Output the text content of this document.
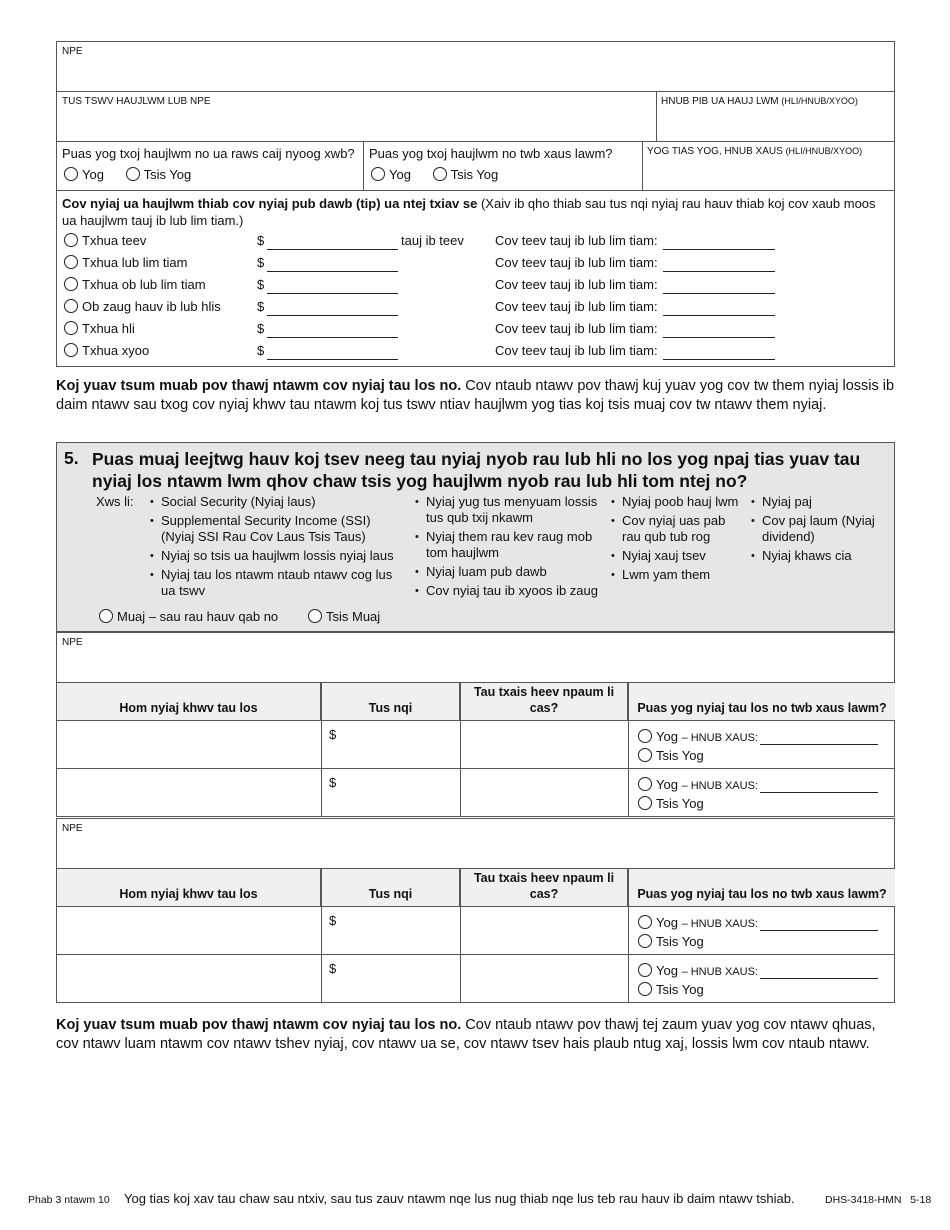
NPE
TUS TSWV HAUJLWM LUB NPE	HNUB PIB UA HAUJ LWM (HLI/HNUB/XYOO)
Puas yog txoj haujlwm no ua raws caij nyoog xwb?
Yog	Tsis Yog
Puas yog txoj haujlwm no twb xaus lawm?
Yog	Tsis Yog
YOG TIAS YOG, HNUB XAUS (HLI/HNUB/XYOO)
Cov nyiaj ua haujlwm thiab cov nyiaj pub dawb (tip) ua ntej txiav se (Xaiv ib qho thiab sau tus nqi nyiaj rau hauv thiab koj cov xaub moos ua haujlwm tauj ib lub lim tiam.)
Txhua teev	$	tauj ib teev Cov teev tauj ib lub lim tiam:
Txhua lub lim tiam	$	Cov teev tauj ib lub lim tiam:
Txhua ob lub lim tiam	$	Cov teev tauj ib lub lim tiam:
Ob zaug hauv ib lub hlis	$	Cov teev tauj ib lub lim tiam:
Txhua hli	$	Cov teev tauj ib lub lim tiam:
Txhua xyoo	$	Cov teev tauj ib lub lim tiam:
Koj yuav tsum muab pov thawj ntawm cov nyiaj tau los no. Cov ntaub ntawv pov thawj kuj yuav yog cov tw them nyiaj lossis ib daim ntawv sau txog cov nyiaj khwv tau ntawm koj tus tswv ntiav haujlwm yog tias koj tsis muaj cov tw ntawv them nyiaj.
5. Puas muaj leejtwg hauv koj tsev neeg tau nyiaj nyob rau lub hli no los yog npaj tias yuav tau
nyiaj los ntawm lwm qhov chaw tsis yog haujlwm nyob rau lub hli tom ntej no?
Xws li:
•	Social Security (Nyiaj laus)
• Supplemental Security Income (SSI) (Nyiaj SSI Rau Cov Laus Tsis Taus)
• Nyiaj so tsis ua haujlwm lossis nyiaj laus
• Nyiaj tau los ntawm ntaub ntawv cog lus ua tswv
• Nyiaj yug tus menyuam lossis tus qub txij nkawm
• Nyiaj them rau kev raug mob tom haujlwm
• Nyiaj luam pub dawb
• Cov nyiaj tau ib xyoos ib zaug
• Nyiaj poob hauj lwm
• Cov nyiaj uas pab rau qub tub rog
• Nyiaj xauj tsev
• Lwm yam them
• Nyiaj paj
• Cov paj laum (Nyiaj dividend)
• Nyiaj khaws cia
Muaj – sau rau hauv qab no	Tsis Muaj
NPE
Hom nyiaj khwv tau los	Tus nqi
Tau txais heev npaum li cas?	Puas yog nyiaj tau los no twb xaus lawm?
$	Yog – HNUB XAUS:
Tsis Yog
$	Yog – HNUB XAUS:
Tsis Yog
NPE
Hom nyiaj khwv tau los	Tus nqi
Tau txais heev npaum li cas?	Puas yog nyiaj tau los no twb xaus lawm?
$	Yog – HNUB XAUS:
Tsis Yog
$	Yog – HNUB XAUS:
Tsis Yog
Koj yuav tsum muab pov thawj ntawm cov nyiaj tau los no. Cov ntaub ntawv pov thawj tej zaum yuav yog cov ntawv qhuas, cov ntawv luam ntawm cov ntawv tshev nyiaj, cov ntawv ua se, cov ntawv tsev hais plaub ntug xaj, lossis lwm cov ntaub ntawv.
Phab 3 ntawm 10 Yog tias koj xav tau chaw sau ntxiv, sau tus zauv ntawm nqe lus nug thiab nqe lus teb rau hauv ib daim ntawv tshiab.	DHS-3418-HMN   5-18
